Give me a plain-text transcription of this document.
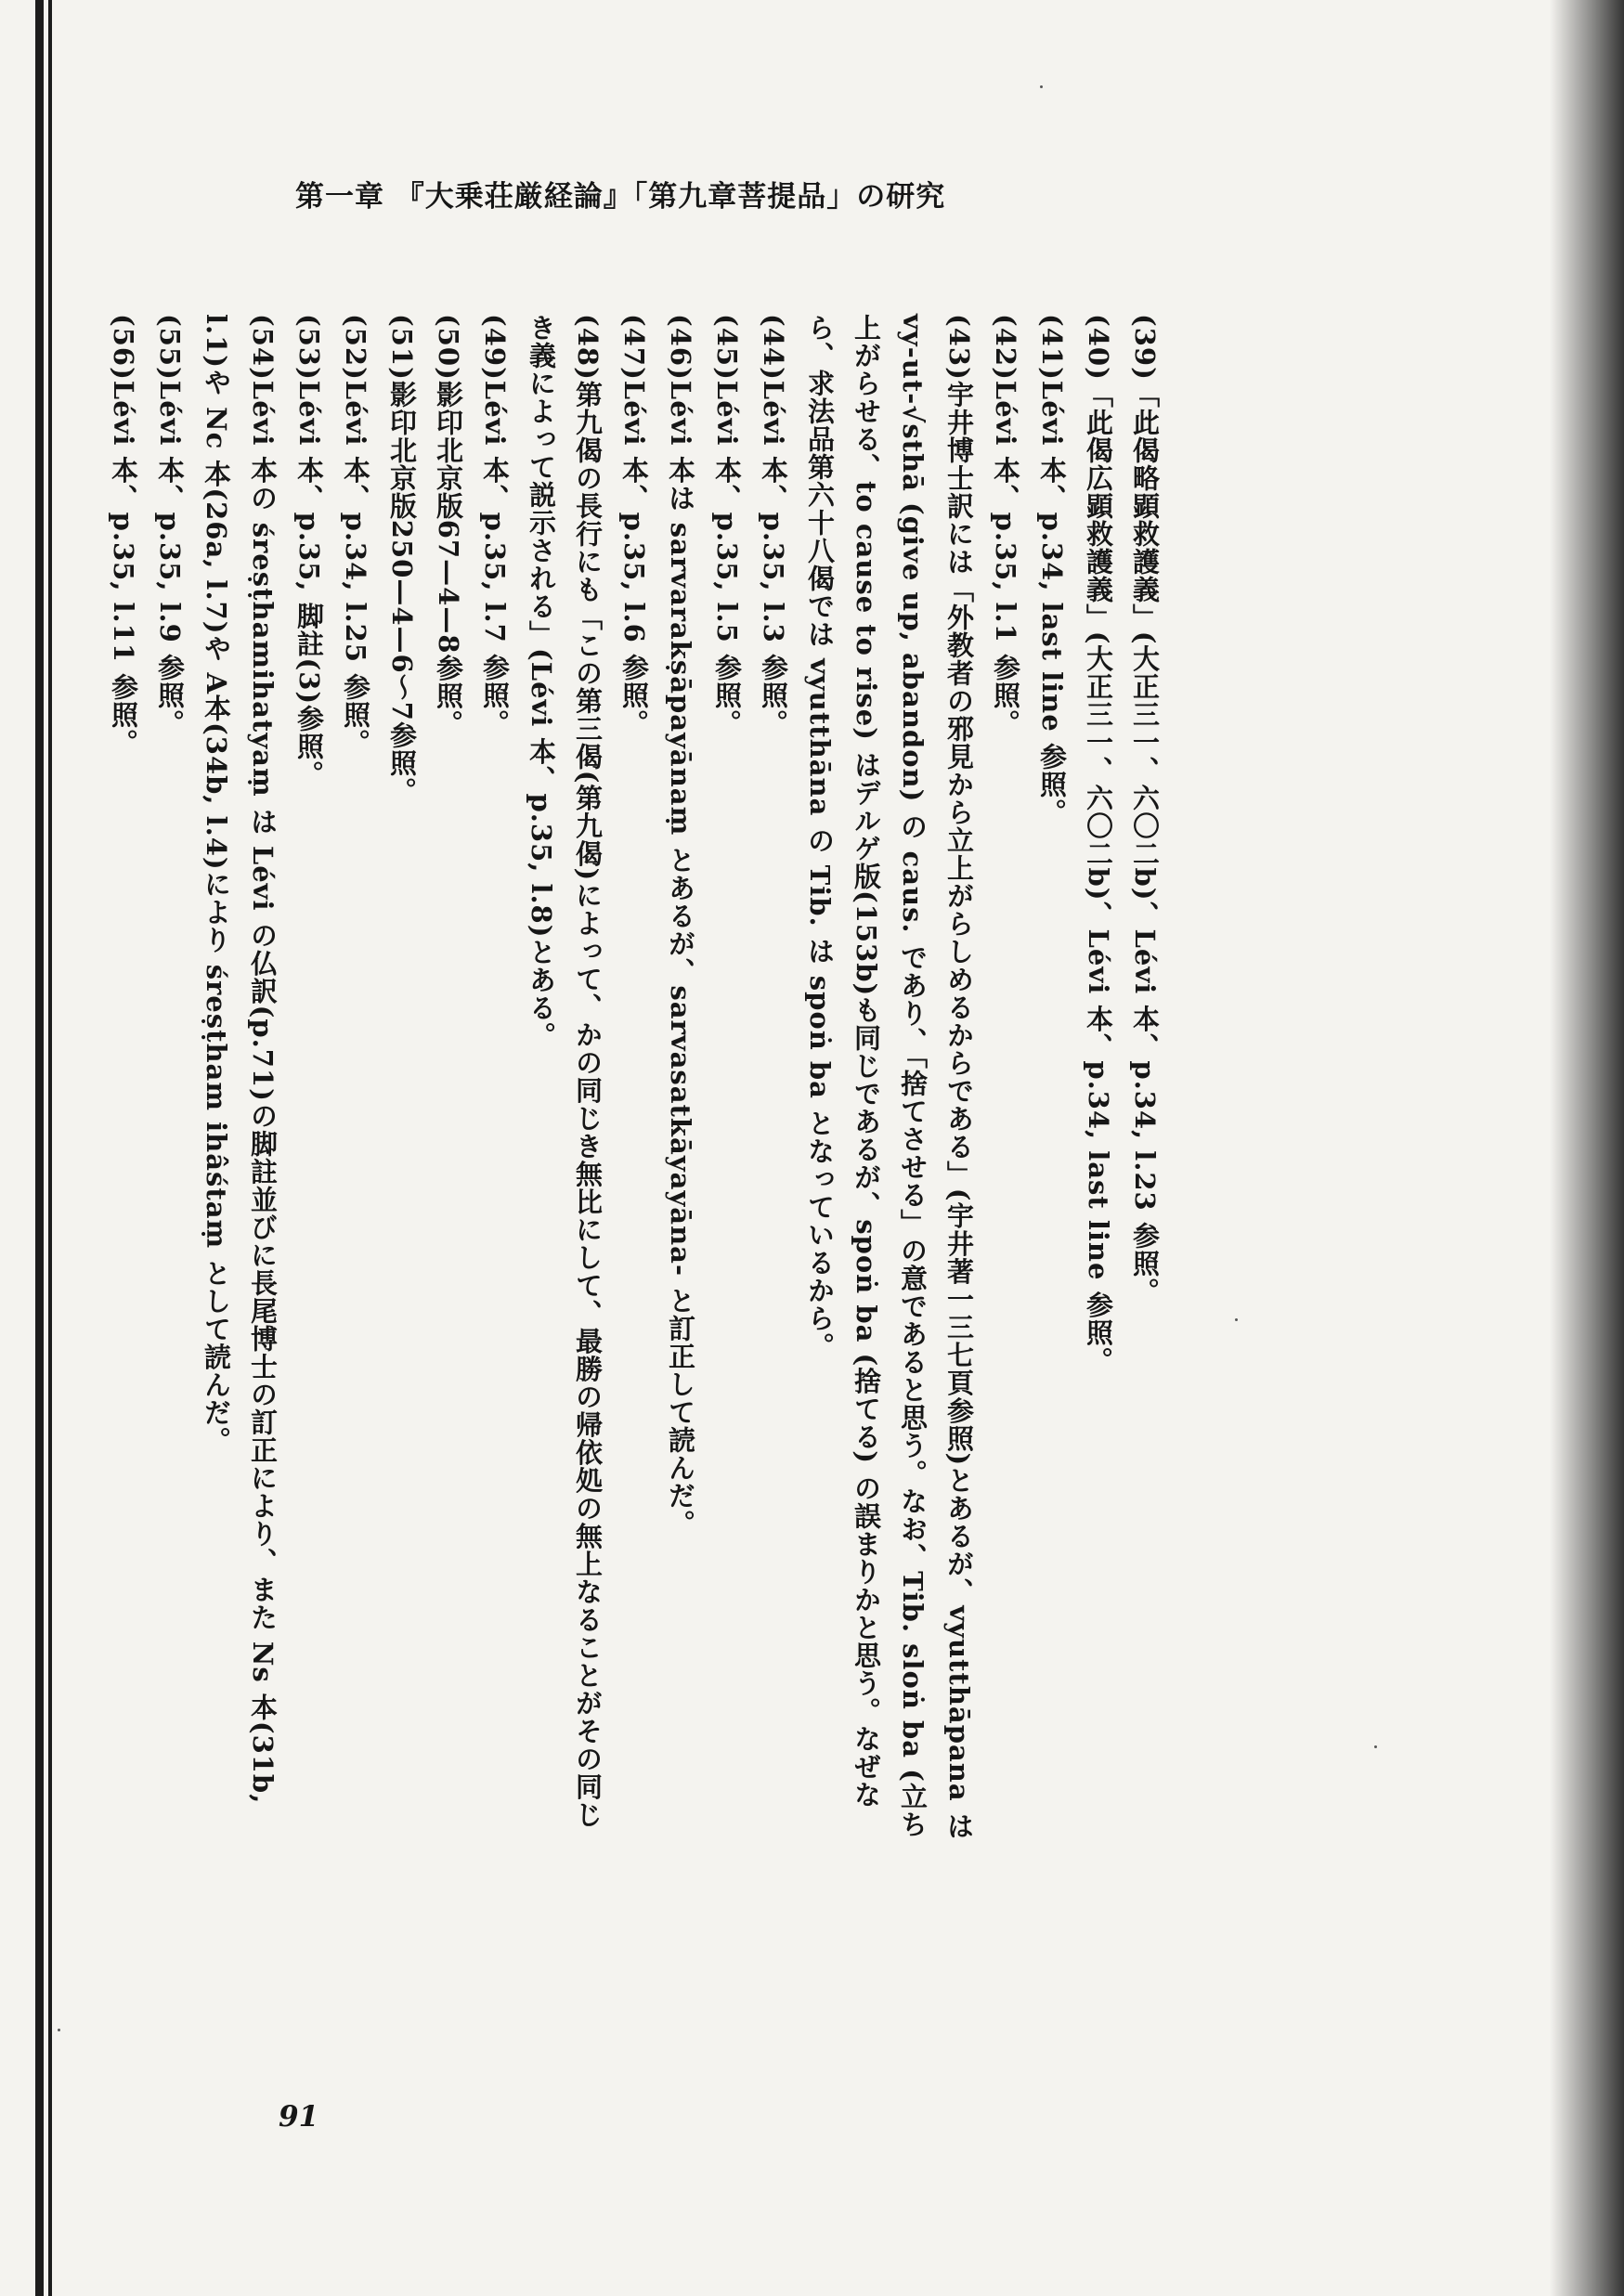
第一章 『大乗荘厳経論』「第九章菩提品」の研究
(39)「此偈略顕救護義」(大正三一、六〇二b)、Lévi 本、p.34, l.23 参照。
(40)「此偈広顕救護義」(大正三一、六〇二b)、Lévi 本、p.34, last line 参照。
(41)Lévi 本、p.34, last line 参照。
(42)Lévi 本、p.35, l.1 参照。
(43)宇井博士訳には「外教者の邪見から立上がらしめるからである」(宇井著一三七頁参照)とあるが、vyutthāpana は vy-ut-√sthā (give up, abandon) の caus. であり、「捨てさせる」の意であると思う。なお、Tib. sloṅ ba (立ち上がらせる、to cause to rise) はデルゲ版(153b)も同じであるが、spoṅ ba (捨てる) の誤まりかと思う。なぜなら、求法品第六十八偈では vyutthāna の Tib. は spoṅ ba となっているから。
(44)Lévi 本、p.35, l.3 参照。
(45)Lévi 本、p.35, l.5 参照。
(46)Lévi 本は sarvarakṣāpayānaṃ とあるが、sarvasatkāyayāna- と訂正して読んだ。
(47)Lévi 本、p.35, l.6 参照。
(48)第九偈の長行にも「この第三偈(第九偈)によって、かの同じき無比にして、最勝の帰依処の無上なることがその同じき義によって説示される」(Lévi 本、p.35, l.8)とある。
(49)Lévi 本、p.35, l.7 参照。
(50)影印北京版67—4—8参照。
(51)影印北京版250—4—6〜7参照。
(52)Lévi 本、p.34, l.25 参照。
(53)Lévi 本、p.35, 脚註(3)参照。
(54)Lévi 本の śreṣṭhamihatyaṃ は Lévi の仏訳(p.71)の脚註並びに長尾博士の訂正により、また Ns 本(31b, l.1)や Nc 本(26a, l.7)や A本(34b, l.4)により śreṣṭham ihâśtaṃ として読んだ。
(55)Lévi 本、p.35, l.9 参照。
(56)Lévi 本、p.35, l.11 参照。
91
